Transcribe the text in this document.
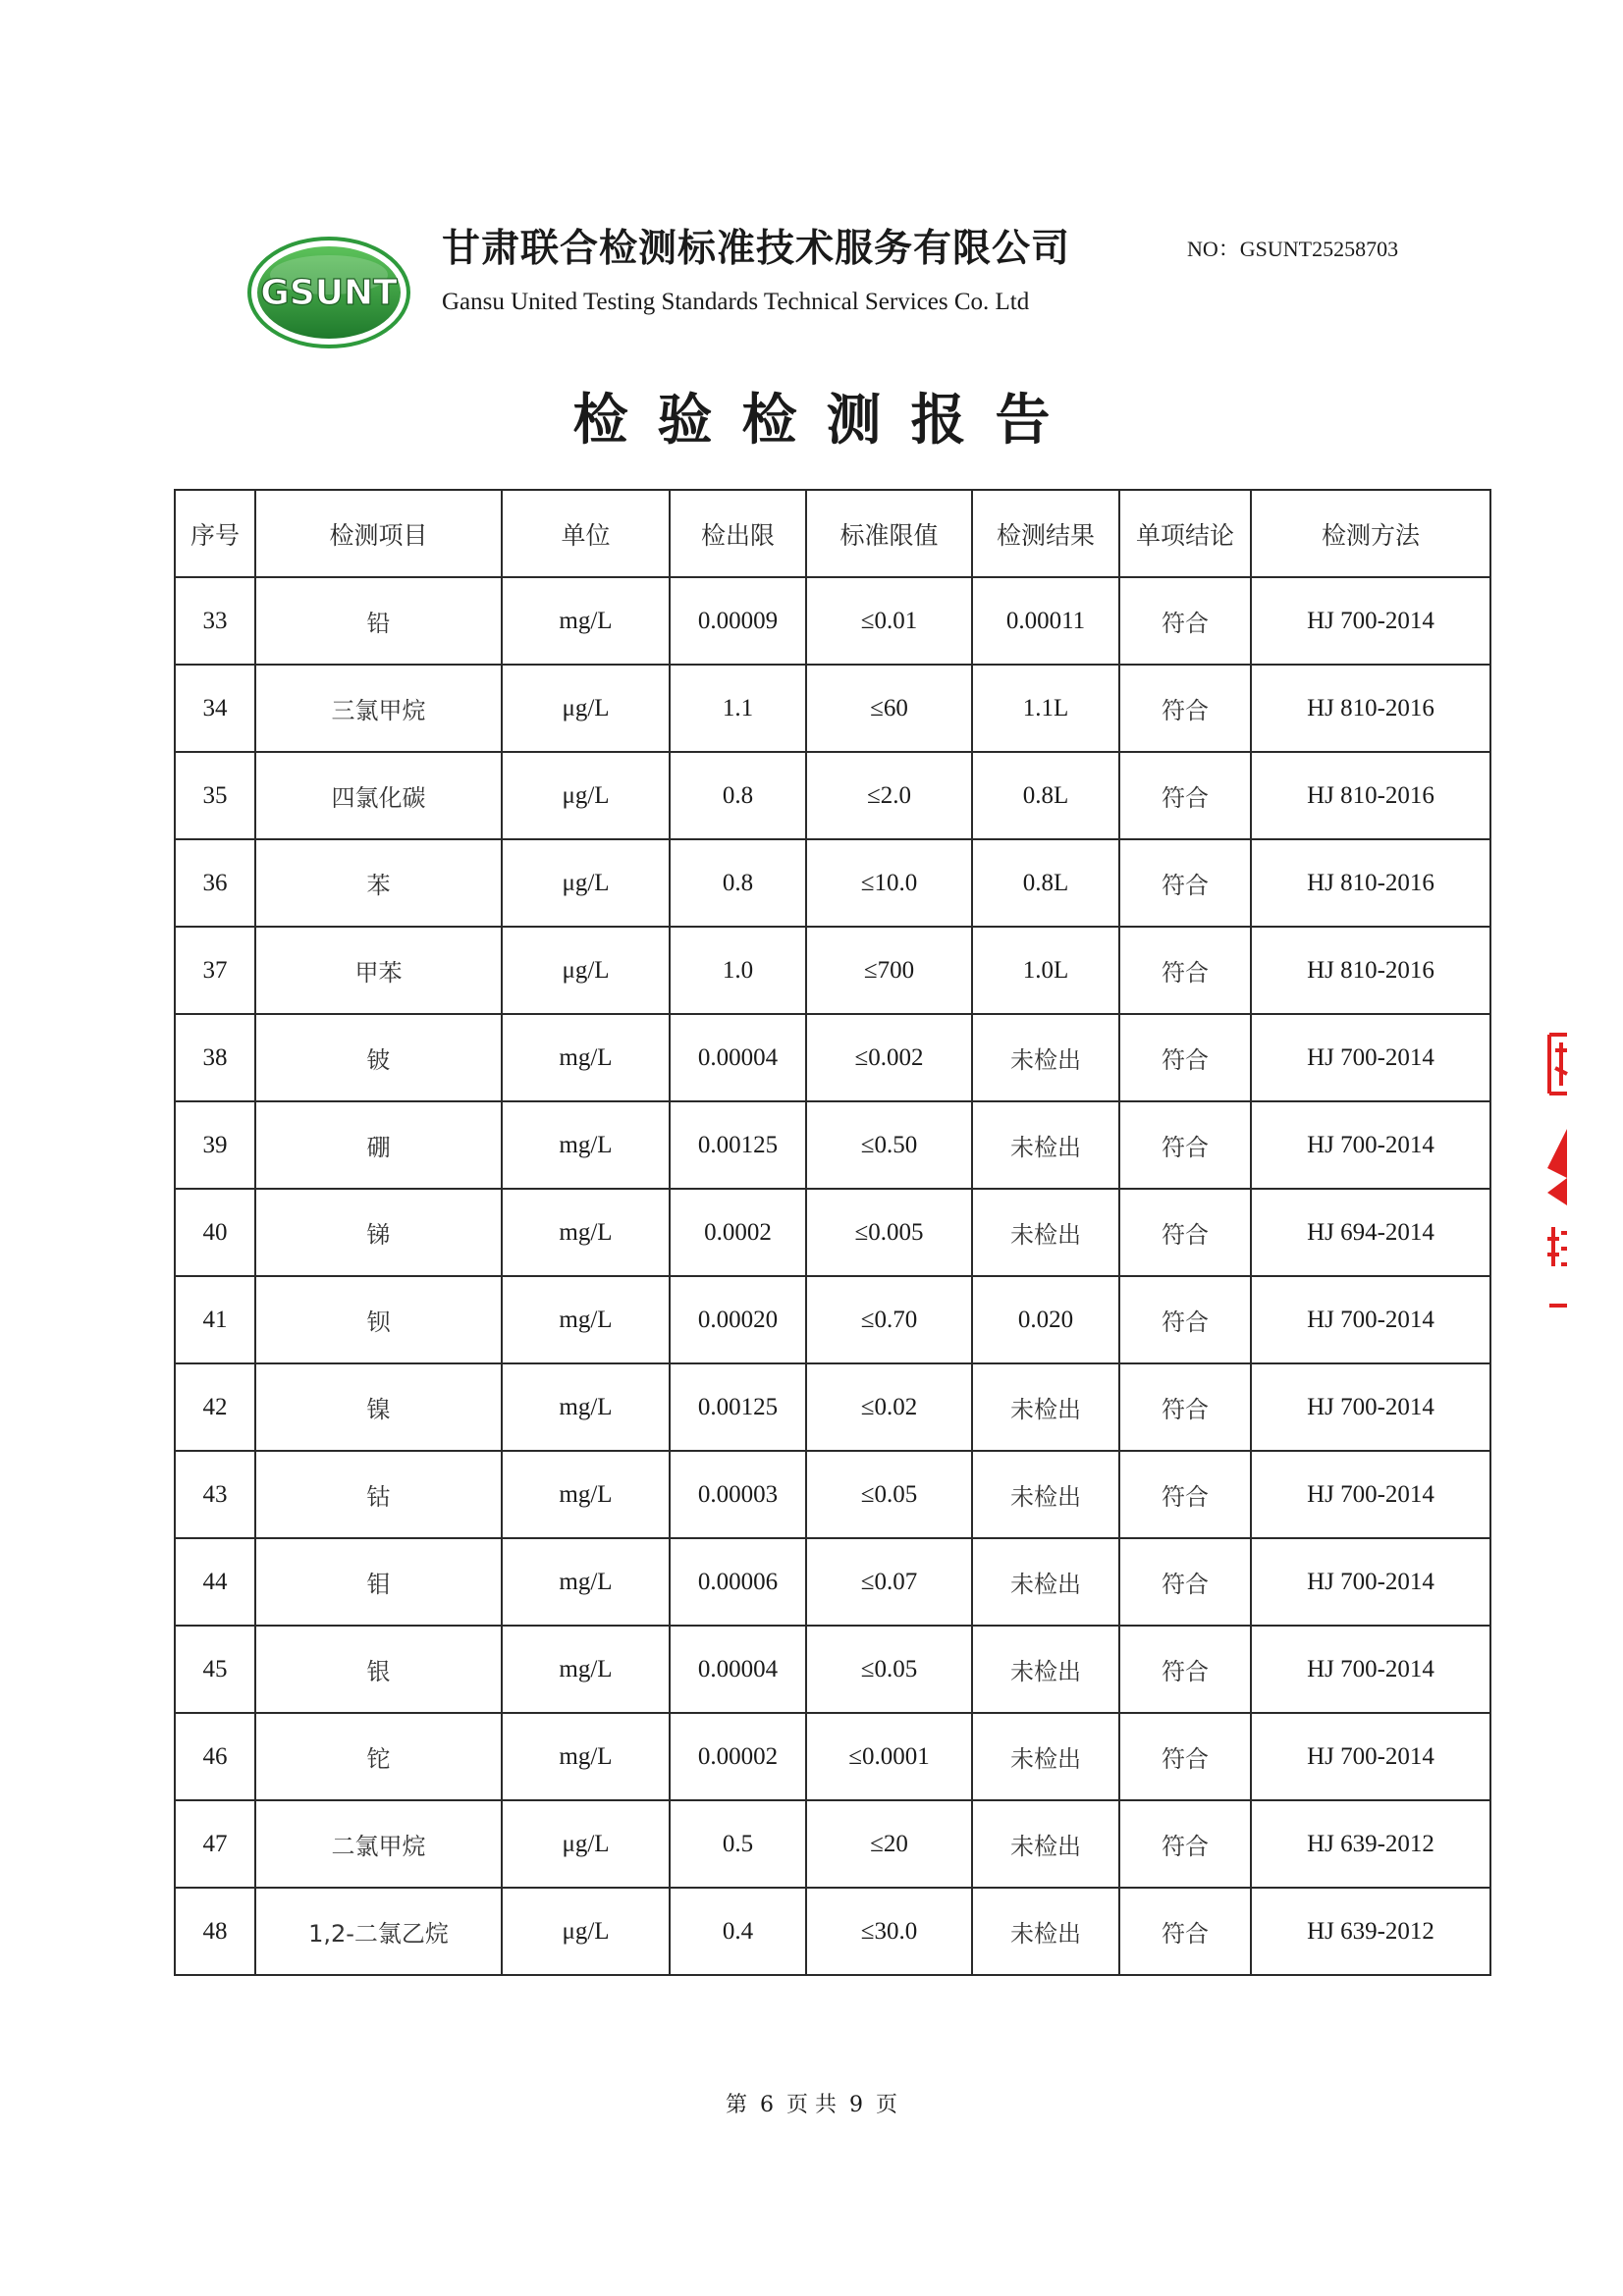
GSUNT
甘肃联合检测标准技术服务有限公司
Gansu United Testing Standards Technical Services Co. Ltd
NO：GSUNT25258703
检验检测报告
序号	检测项目	单位	检出限	标准限值	检测结果	单项结论	检测方法
33	铅	mg/L	0.00009	≤0.01	0.00011	符合	HJ 700-2014
34	三氯甲烷	μg/L	1.1	≤60	1.1L	符合	HJ 810-2016
35	四氯化碳	μg/L	0.8	≤2.0	0.8L	符合	HJ 810-2016
36	苯	μg/L	0.8	≤10.0	0.8L	符合	HJ 810-2016
37	甲苯	μg/L	1.0	≤700	1.0L	符合	HJ 810-2016
38	铍	mg/L	0.00004	≤0.002	未检出	符合	HJ 700-2014
39	硼	mg/L	0.00125	≤0.50	未检出	符合	HJ 700-2014
40	锑	mg/L	0.0002	≤0.005	未检出	符合	HJ 694-2014
41	钡	mg/L	0.00020	≤0.70	0.020	符合	HJ 700-2014
42	镍	mg/L	0.00125	≤0.02	未检出	符合	HJ 700-2014
43	钴	mg/L	0.00003	≤0.05	未检出	符合	HJ 700-2014
44	钼	mg/L	0.00006	≤0.07	未检出	符合	HJ 700-2014
45	银	mg/L	0.00004	≤0.05	未检出	符合	HJ 700-2014
46	铊	mg/L	0.00002	≤0.0001	未检出	符合	HJ 700-2014
47	二氯甲烷	μg/L	0.5	≤20	未检出	符合	HJ 639-2012
48	1,2-二氯乙烷	μg/L	0.4	≤30.0	未检出	符合	HJ 639-2012
第 6 页 共 9 页
